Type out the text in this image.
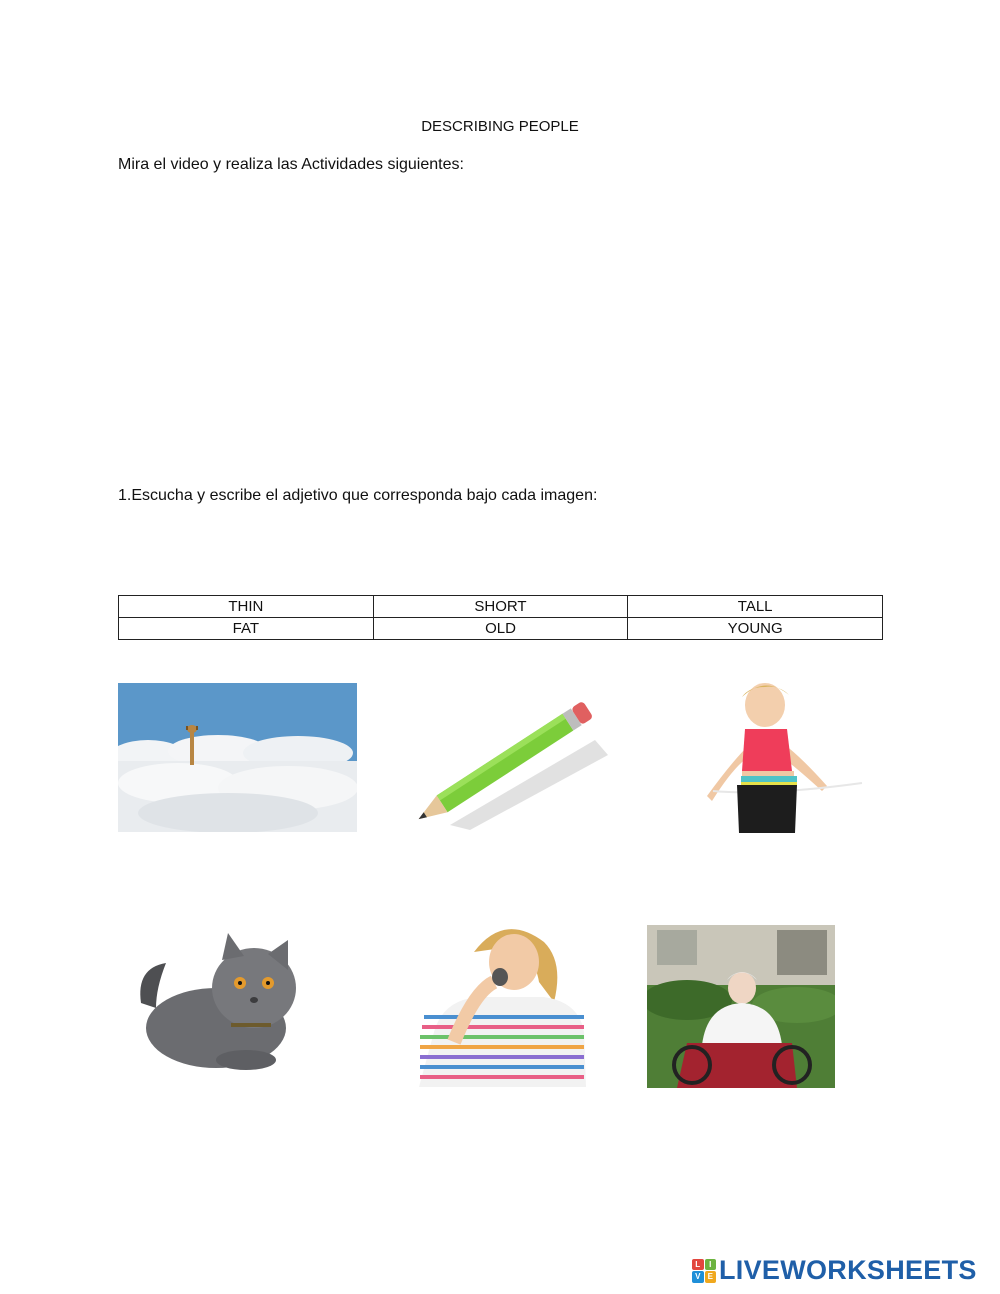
DESCRIBING PEOPLE
Mira el video y realiza las Actividades siguientes:
1.Escucha y escribe el adjetivo que corresponda bajo cada imagen:
THIN	SHORT	TALL
FAT	OLD	YOUNG
L	I
V E LIVEWORKSHEETS
